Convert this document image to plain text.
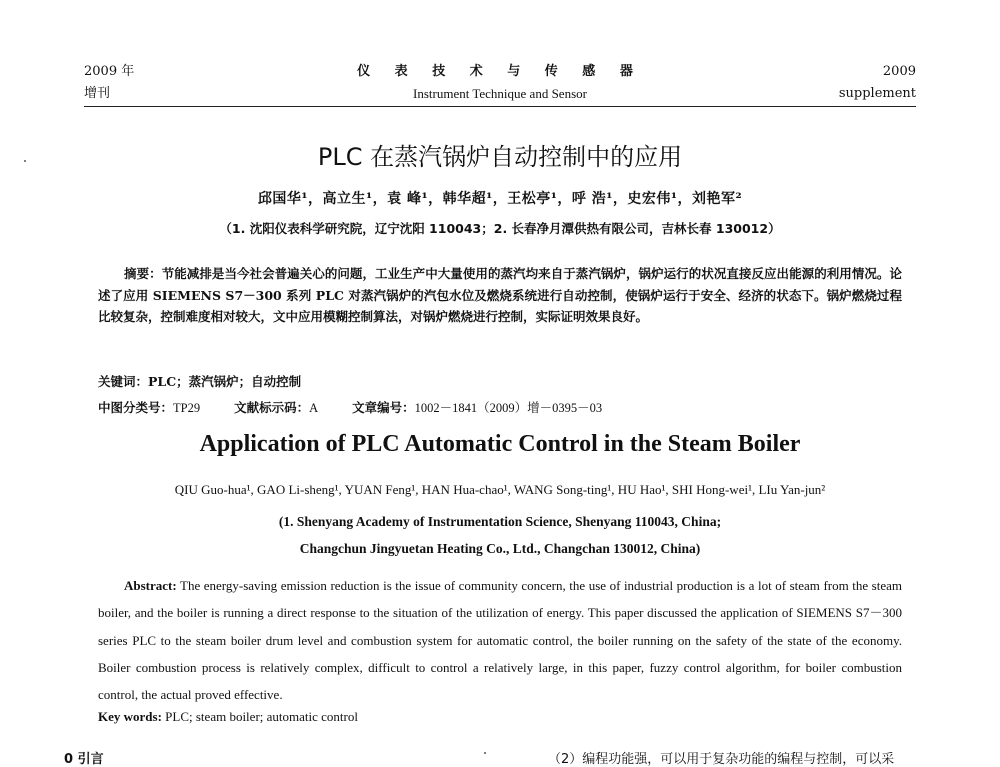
2009 年
增刊
仪 表 技 术 与 传 感 器
Instrument Technique and Sensor
2009
supplement
PLC 在蒸汽锅炉自动控制中的应用
邱国华¹，高立生¹，袁 峰¹，韩华超¹，王松亭¹，呼 浩¹，史宏伟¹，刘艳军²
（1. 沈阳仪表科学研究院，辽宁沈阳 110043；2. 长春净月潭供热有限公司，吉林长春 130012）
摘要：节能减排是当今社会普遍关心的问题，工业生产中大量使用的蒸汽均来自于蒸汽锅炉，锅炉运行的状况直接反应出能源的利用情况。论述了应用 SIEMENS S7－300 系列 PLC 对蒸汽锅炉的汽包水位及燃烧系统进行自动控制，使锅炉运行于安全、经济的状态下。锅炉燃烧过程比较复杂，控制难度相对较大，文中应用模糊控制算法，对锅炉燃烧进行控制，实际证明效果良好。
关键词：PLC；蒸汽锅炉；自动控制
中图分类号：TP29	文献标示码：A	文章编号：1002－1841（2009）增－0395－03
Application of PLC Automatic Control in the Steam Boiler
QIU Guo-hua¹, GAO Li-sheng¹, YUAN Feng¹, HAN Hua-chao¹, WANG Song-ting¹, HU Hao¹, SHI Hong-wei¹, LIu Yan-jun²
(1. Shenyang Academy of Instrumentation Science, Shenyang 110043, China;
Changchun Jingyuetan Heating Co., Ltd., Changchan 130012, China)
Abstract: The energy-saving emission reduction is the issue of community concern, the use of industrial production is a lot of steam from the steam boiler, and the boiler is running a direct response to the situation of the utilization of energy. This paper discussed the application of SIEMENS S7－300 series PLC to the steam boiler drum level and combustion system for automatic control, the boiler running on the safety of the state of the economy. Boiler combustion process is relatively complex, difficult to control a relatively large, in this paper, fuzzy control algorithm, for boiler combustion control, the actual proved effective.
Key words: PLC; steam boiler; automatic control
0 引言	（2）编程功能强，可以用于复杂功能的编程与控制，可以采
